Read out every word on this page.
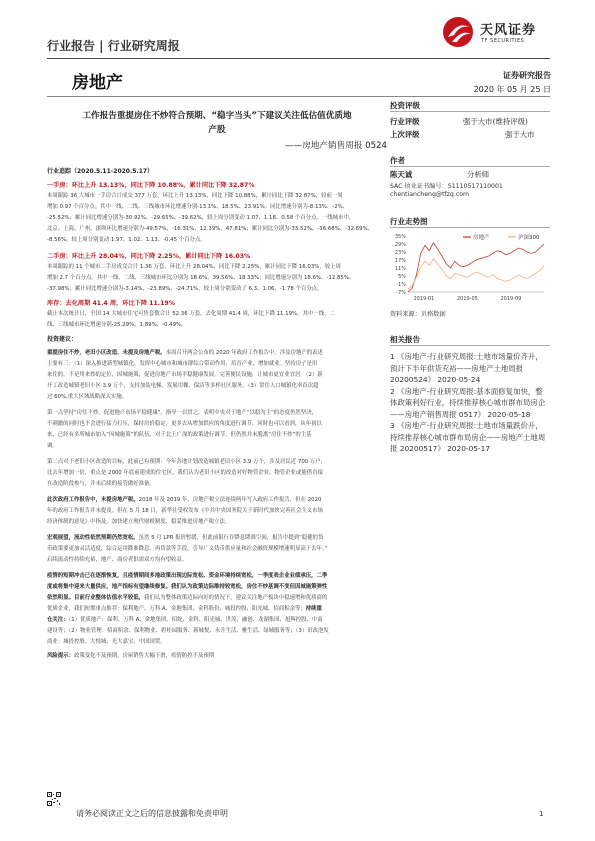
行业报告 | 行业研究周报
天风证券
TF SECURITIES
房地产	证券研究报告
2020 年 05 月 25 日
工作报告重提房住不炒符合预期、“稳字当头”下建议关注低估值优质地
产股
——房地产销售周报 0524

行业追踪（2020.5.11-2020.5.17）

一手房：环比上升 13.13%，同比下降 10.88%，累计同比下降 32.87%

本周跟踪 36 大城市一手房合计成交 377 万套，环比上升 13.13%，同比下降 10.88%，累计同比下降 32.87%，较前一周

增加 0.97 个百分点。其中一线、二线、三线城市环比增速分别-13.1%、18.5%、23.91%；同比增速分别为-8.13%、-2%、

-25.52%；累计同比增速分别为-30.92%、-29.65%、-39.62%，较上周分别变动 1.07、1.18、0.58 个百分点。一线城市中，

北京、上海、广州、深圳环比增速分别为-49.57%、-16.31%、12.39%、47.81%；累计同比分别为-33.52%、-36.68%、-32.69%、

-8.56%，较上周分别变动 1.97、1.02、1.13、-0.45 个百分点。

二手房：环比上升 28.04%，同比下降 2.25%，累计同比下降 16.03%

本周跟踪的 11 个城市二手房成交合计 1.36 万套，环比上升 28.04%，同比下降 2.25%，累计同比下降 16.03%，较上周

增加 2.7 个百分点。其中一线、二线、三线城市环比分别为 18.6%、39.56%、18.33%；同比增速分别为 18.6%、-12.85%、

-37.98%；累计同比增速分别为-3.14%、-23.89%、-24.71%，较上周分别变动了 6.3、1.06、-1.78 个百分点。

库存：去化周期 41.4 周，环比下降 11.19%

截止本次统计日，全国 14 大城市住宅可售套数合计 52.36 万套，去化周期 41.4 周，环比下降 11.19%。其中一线、二

线、三线城市环比增速分别-25.29%、1.89%、-0.49%。

投资建议：

重提房住不炒，老旧小区改造、未提及房地产税。本周召开两会公布的 2020 年政府工作报告中，涉及房地产的表述

主要有三：（1）深入推进新型城镇化。发挥中心城市和城市群综合带动作用，培育产业、增加就业。坚持房子是用

来住的，不是用来炒的定位，因城施策，促进房地产市场平稳健康发展。完善便民设施，让城市更宜业宜居。（2）新

开工改造城镇老旧小区 3.9 万个，支持加装电梯，发展用餐、保洁等多样社区服务。（3）常住人口城镇化率首次超

过 60%,重大区域战略深入实施。

第一点坚持“房住不炒，促进地产市场平稳健康”，指导一以贯之，表明中央对于地产“以稳为主”的态度仍然坚决，

不刺激的同时也不会进行猛力打压，保持房价稳定，更多去从增加供应的角度进行调节。同时也可以看到，从年初以

来，已经有多所城市加入“因城施策”的队伍，对于北上广深的政策进行调节，但仍然并未脱离“房住不炒”的主基

调。

第二点对于老旧小区改造的目标，此前已有预期：今年各地计划改造城镇老旧小区 3.9 万个，涉及居民近 700 万户，

比去年增加一倍，重点是 2000 年底前建成的住宅区。我们认为老旧小区的改造对好物管企业，物管企业或能借直接

在改造阶段参与，并未后续的接管做好准备。

此次政府工作报告中，未提房地产税。2018 年及 2019 年，房地产税立法连续两年写入政府工作报告，但在 2020

年的政府工作报告并未提及。但在 5 月 18 日，新华社受权发布《中共中央国务院关于新时代加快完善社会主义市场

经济体制的意见》中指及，加快建立现代财税制度，稳妥推进房地产税立法。

宏观展望，流动性依然预期仍然宽松。虽然 5 月 LPR 报价暂缓，但此前银行存降息降准空间，报告中提到“稳健的货

币政策要更加灵活适度，综合运用降准降息、再贷款等手段，引导广义货币供应量和社会融资规模增速明显高于去年。”

启续流动性持续充裕，地产、商房者供需双方均有望收益。

疫情的短期冲击已在逐渐恢复，且疫情期间多地政策出现边际宽松、资金环境持续宽松，一季度表企业业绩承压，二季

度或将集中迎来大量供应，地产指标有望继续修复。我们认为政策边际维持较宽松，房住不炒基调不变但因城施策弹性

依然明显。目前行业整体估值水平较低，我们认为整体政策边际向好的情况下，建议关注地产板块中稳速增和优质商的

优质企业，我们短期重点推荐：保利地产、万科 A、金地集团、金科股份、城投控股、阳光城、招商积余等；持续重

仓关注：（1）优质地产：保利、万科 A、金地集团、招蛇、金科、阳光城、世茂、融创、龙湖集团、旭辉控股、中南

建设等；（2）物业管理：招商积余、保利物业、碧桂园服务、新城悦、永升生活、雅生活、绿城服务等；（3）旧改泡发

商业：城投控股、大悦城、光大嘉宝、中国国贸。

风险提示：政策变化不及预期，房屋销售大幅下滑，疫情防控不及预期

投资评级
行业评级	强于大市(维持评级)
上次评级	强于大市
作者
陈天诚	分析师
SAC 执业证书编号：S1110517110001
chentiancheng@tfzq.com
行业走势图
35%
29%
23%
17%
11%
5%
-1%
-7%
2019-01	2019-05	2019-09
房地产	沪深300
资料来源：贝格数据
相关报告
1 《房地产-行业研究周报:土地市场量价齐升，预计下半年供货充裕——房地产土地周报 20200524》 2020-05-24
2 《房地产-行业研究周报:基本面修复加快，整体政策利好行业，持续推荐核心城市群布局房企 ——房地产销售周报 0517》 2020-05-18
3 《房地产-行业研究周报:土地市场量跌价升，持续推荐核心城市群布局房企——房地产土地周报 20200517》 2020-05-17
请务必阅读正文之后的信息披露和免责申明	1
